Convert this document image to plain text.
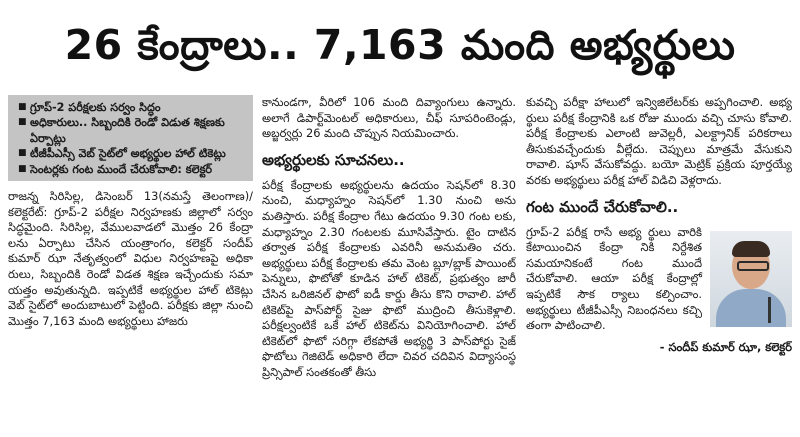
26 కేంద్రాలు.. 7,163 మంది అభ్యర్థులు
■ గ్రూప్-2 పరీక్షలకు సర్వం సిద్ధం
■ అధికారులు.. సిబ్బందికి రెండో విడుత శిక్షణకు ఏర్పాట్లు
■ టీజీపీఎస్సీ వెబ్ సైట్‌లో అభ్యర్థుల హాల్ టికెట్లు
■ సెంటర్లకు గంట ముందే చేరుకోవాలి: కలెక్టర్

రాజన్న సిరిసిల్ల, డిసెంబర్ 13(నమస్తే తెలంగాణ)/ కలెక్టరేట్: గ్రూప్-2 పరీక్షల నిర్వహణకు జిల్లాలో సర్వం సిద్ధమైంది. సిరిసిల్ల, వేములవాడలో మొత్తం 26 కేంద్రా లను ఏర్పాటు చేసిన యంత్రాంగం, కలెక్టర్ సందీప్ కుమార్ ఝా నేతృత్వంలో విధుల నిర్వహణపై అధికా రులు, సిబ్బందికి రెండో విడత శిక్షణ ఇచ్చేందుకు సమా యత్తం అవుతున్నది. ఇప్పటికే అభ్యర్థుల హాల్ టికెట్లు వెబ్ సైట్‌లో అందుబాటులో పెట్టింది. పరీక్షకు జిల్లా నుంచి మొత్తం 7,163 మంది అభ్యర్థులు హాజరు

కానుండగా, వీరిలో 106 మంది దివ్యాంగులు ఉన్నారు. అలాగే డిపార్ట్‌మెంటల్ అధికారులు, చీఫ్ సూపరింటెండ్లు, అబ్జర్వర్లు 26 మంది చొప్పున నియమించారు.

అభ్యర్థులకు సూచనలు..

పరీక్ష కేంద్రాలకు అభ్యర్థులను ఉదయం సెషన్‌లో 8.30 నుంచి, మధ్యాహ్నం సెషన్‌లో 1.30 నుంచి అను మతిస్తారు. పరీక్ష కేంద్రాల గేటు ఉదయం 9.30 గంట లకు, మధ్యాహ్నం 2.30 గంటలకు మూసివేస్తారు. టైం దాటిన తర్వాత పరీక్ష కేంద్రాలకు ఎవరినీ అనుమతిం చరు. అభ్యర్థులు పరీక్ష కేంద్రాలకు తమ వెంట బ్లూ/బ్లాక్ పాయింట్ పెన్నులు, ఫొటోతో కూడిన హాల్ టికెట్, ప్రభుత్వం జారీ చేసిన ఒరిజినల్ ఫొటో ఐడీ కార్డు తీసు కొని రావాలి. హాల్ టికెట్‌పై పాస్‌పోర్ట్ సైజు ఫొటో ముద్రించి తీసుకెళ్లాలి. పరీక్షల్వంటికే ఒకే హాల్ టికెట్‌ను వినియోగించాలి. హాల్ టికెట్‌లో ఫొటో సరిగ్గా లేకపోతే అభ్యర్థి 3 పాస్‌పోర్టు సైజ్ ఫొటోలు గెజిటెడ్ అధికారి లేదా చివర చదివిన విద్యాసంస్థ ప్రిన్సిపాల్ సంతకంతో తీసు

కువచ్చి పరీక్షా హాలులో ఇన్విజిలేటర్‌కు అప్పగించాలి. అభ్య ర్థులు పరీక్ష కేంద్రానికి ఒక రోజు ముందు వచ్చి చూసు కోవాలి. పరీక్ష కేంద్రాలకు ఎలాంటి జువెల్లరీ, ఎలక్ట్రానిక్ పరికరాలు తీసుకువచ్చేందుకు వీల్లేదు. చెప్పులు మాత్రమే వేసుకుని రావాలి. షూస్ వేసుకోవద్దు. బయో మెట్రిక్ ప్రక్రియ పూర్తయ్యే వరకు అభ్యర్థులు పరీక్ష హాల్ విడిచి వెళ్లరాదు.

గంట ముందే చేరుకోవాలి..

గ్రూప్-2 పరీక్ష రాసే అభ్య ర్థులు వారికి కేటాయించిన కేంద్రా నికి నిర్దేశిత సమయానికంటే గంట ముందే చేరుకోవాలి. ఆయా పరీక్ష కేంద్రాల్లో ఇప్పటికే సౌక ర్యాలు కల్పించాం. అభ్యర్థులు టీజీపీఎస్సీ నిబంధనలు కచ్చి తంగా పాటించాలి.

- సందీప్ కుమార్ ఝా, కలెక్టర్
